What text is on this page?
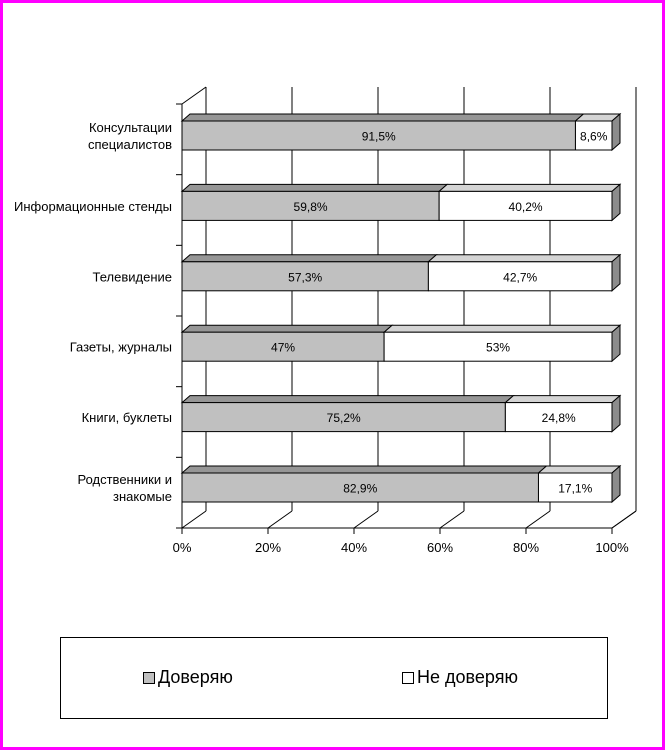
0%	20%	40%	60%	80%	100%
91,5%	8,6%
Консультации
специалистов
59,8%	40,2%
Информационные стенды
57,3%	42,7%
Телевидение
47%	53%
Газеты, журналы
75,2%	24,8%
Книги, буклеты
82,9%	17,1%
Родственники и
знакомые
Доверяю	Не доверяю
